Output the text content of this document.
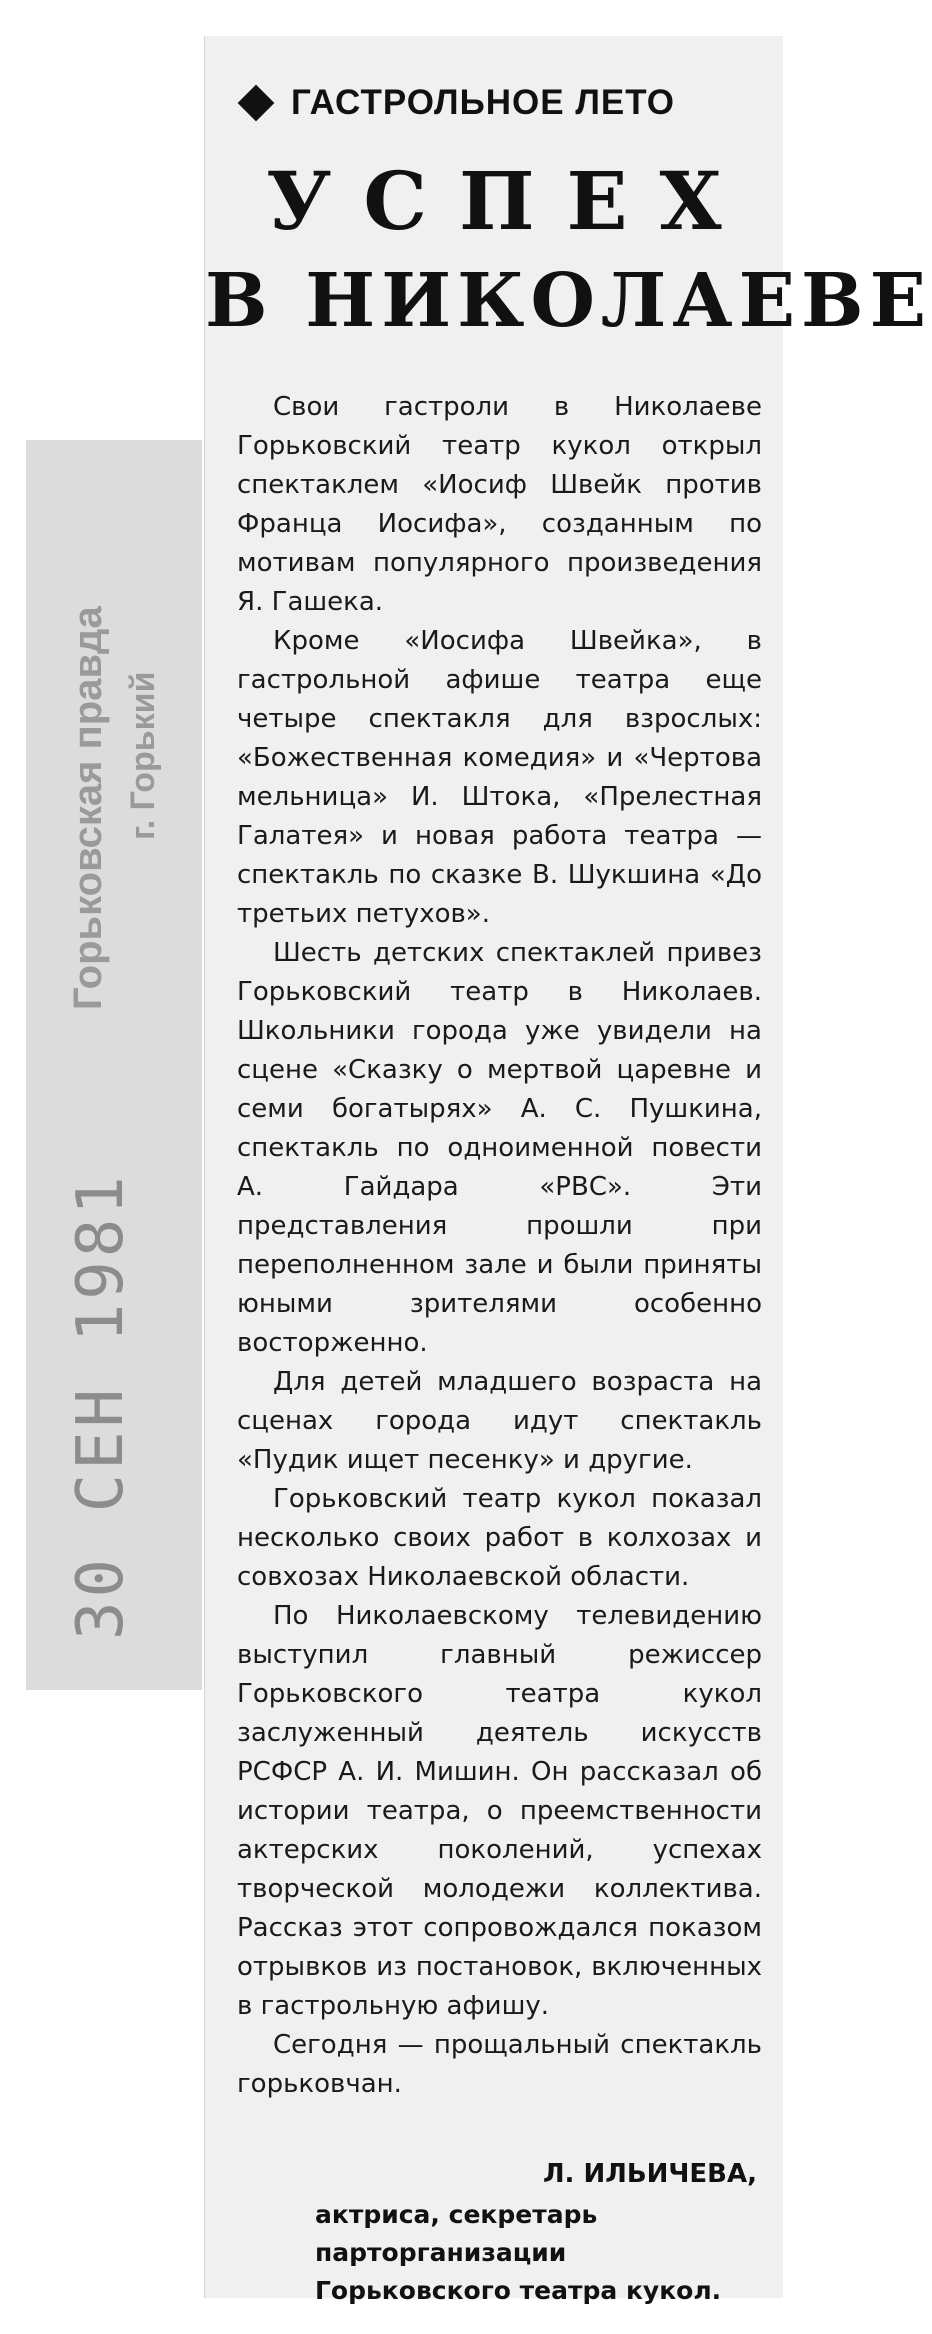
Горьковская правда г. Горький
30 СЕН 1981
ГАСТРОЛЬНОЕ ЛЕТО
УСПЕХ
В НИКОЛАЕВЕ

Свои гастроли в Николаеве Горьковский театр кукол открыл спектаклем «Иосиф Швейк против Франца Иосифа», созданным по мотивам популярного произведения Я. Гашека.

Кроме «Иосифа Швейка», в гастрольной афише театра еще четыре спектакля для взрослых: «Божественная комедия» и «Чертова мельница» И. Штока, «Прелестная Галатея» и новая работа театра — спектакль по сказке В. Шукшина «До третьих петухов».

Шесть детских спектаклей привез Горьковский театр в Николаев. Школьники города уже увидели на сцене «Сказку о мертвой царевне и семи богатырях» А. С. Пушкина, спектакль по одноименной повести А. Гайдара «РВС». Эти представления прошли при переполненном зале и были приняты юными зрителями особенно восторженно.

Для детей младшего возраста на сценах города идут спектакль «Пудик ищет песенку» и другие.

Горьковский театр кукол показал несколько своих работ в колхозах и совхозах Николаевской области.

По Николаевскому телевидению выступил главный режиссер Горьковского театра кукол заслуженный деятель искусств РСФСР А. И. Мишин. Он рассказал об истории театра, о преемственности актерских поколений, успехах творческой молодежи коллектива. Рассказ этот сопровождался показом отрывков из постановок, включенных в гастрольную афишу.

Сегодня — прощальный спектакль горьковчан.

Л. ИЛЬИЧЕВА,
актриса, секретарь парторганизации Горьковского театра кукол.
